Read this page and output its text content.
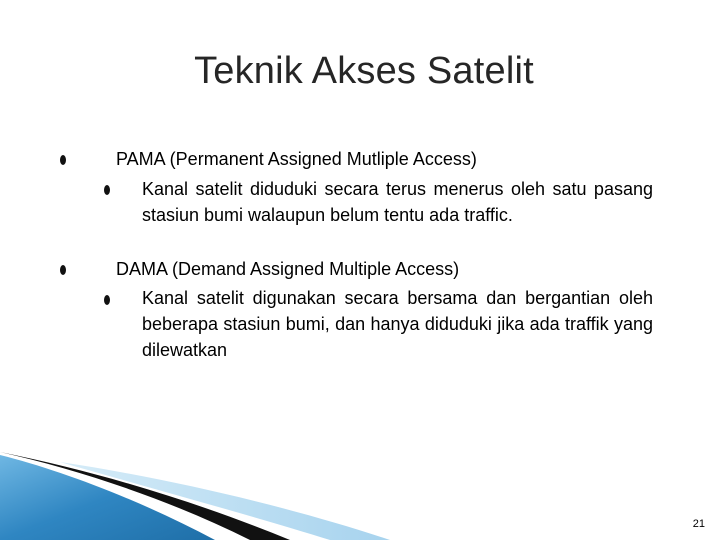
Teknik Akses Satelit
PAMA (Permanent Assigned Mutliple Access)
Kanal satelit diduduki secara terus menerus oleh satu pasang stasiun bumi walaupun belum tentu ada traffic.
DAMA (Demand Assigned Multiple Access)
Kanal satelit digunakan secara bersama dan bergantian oleh beberapa stasiun bumi, dan hanya diduduki jika ada traffik yang dilewatkan
21
